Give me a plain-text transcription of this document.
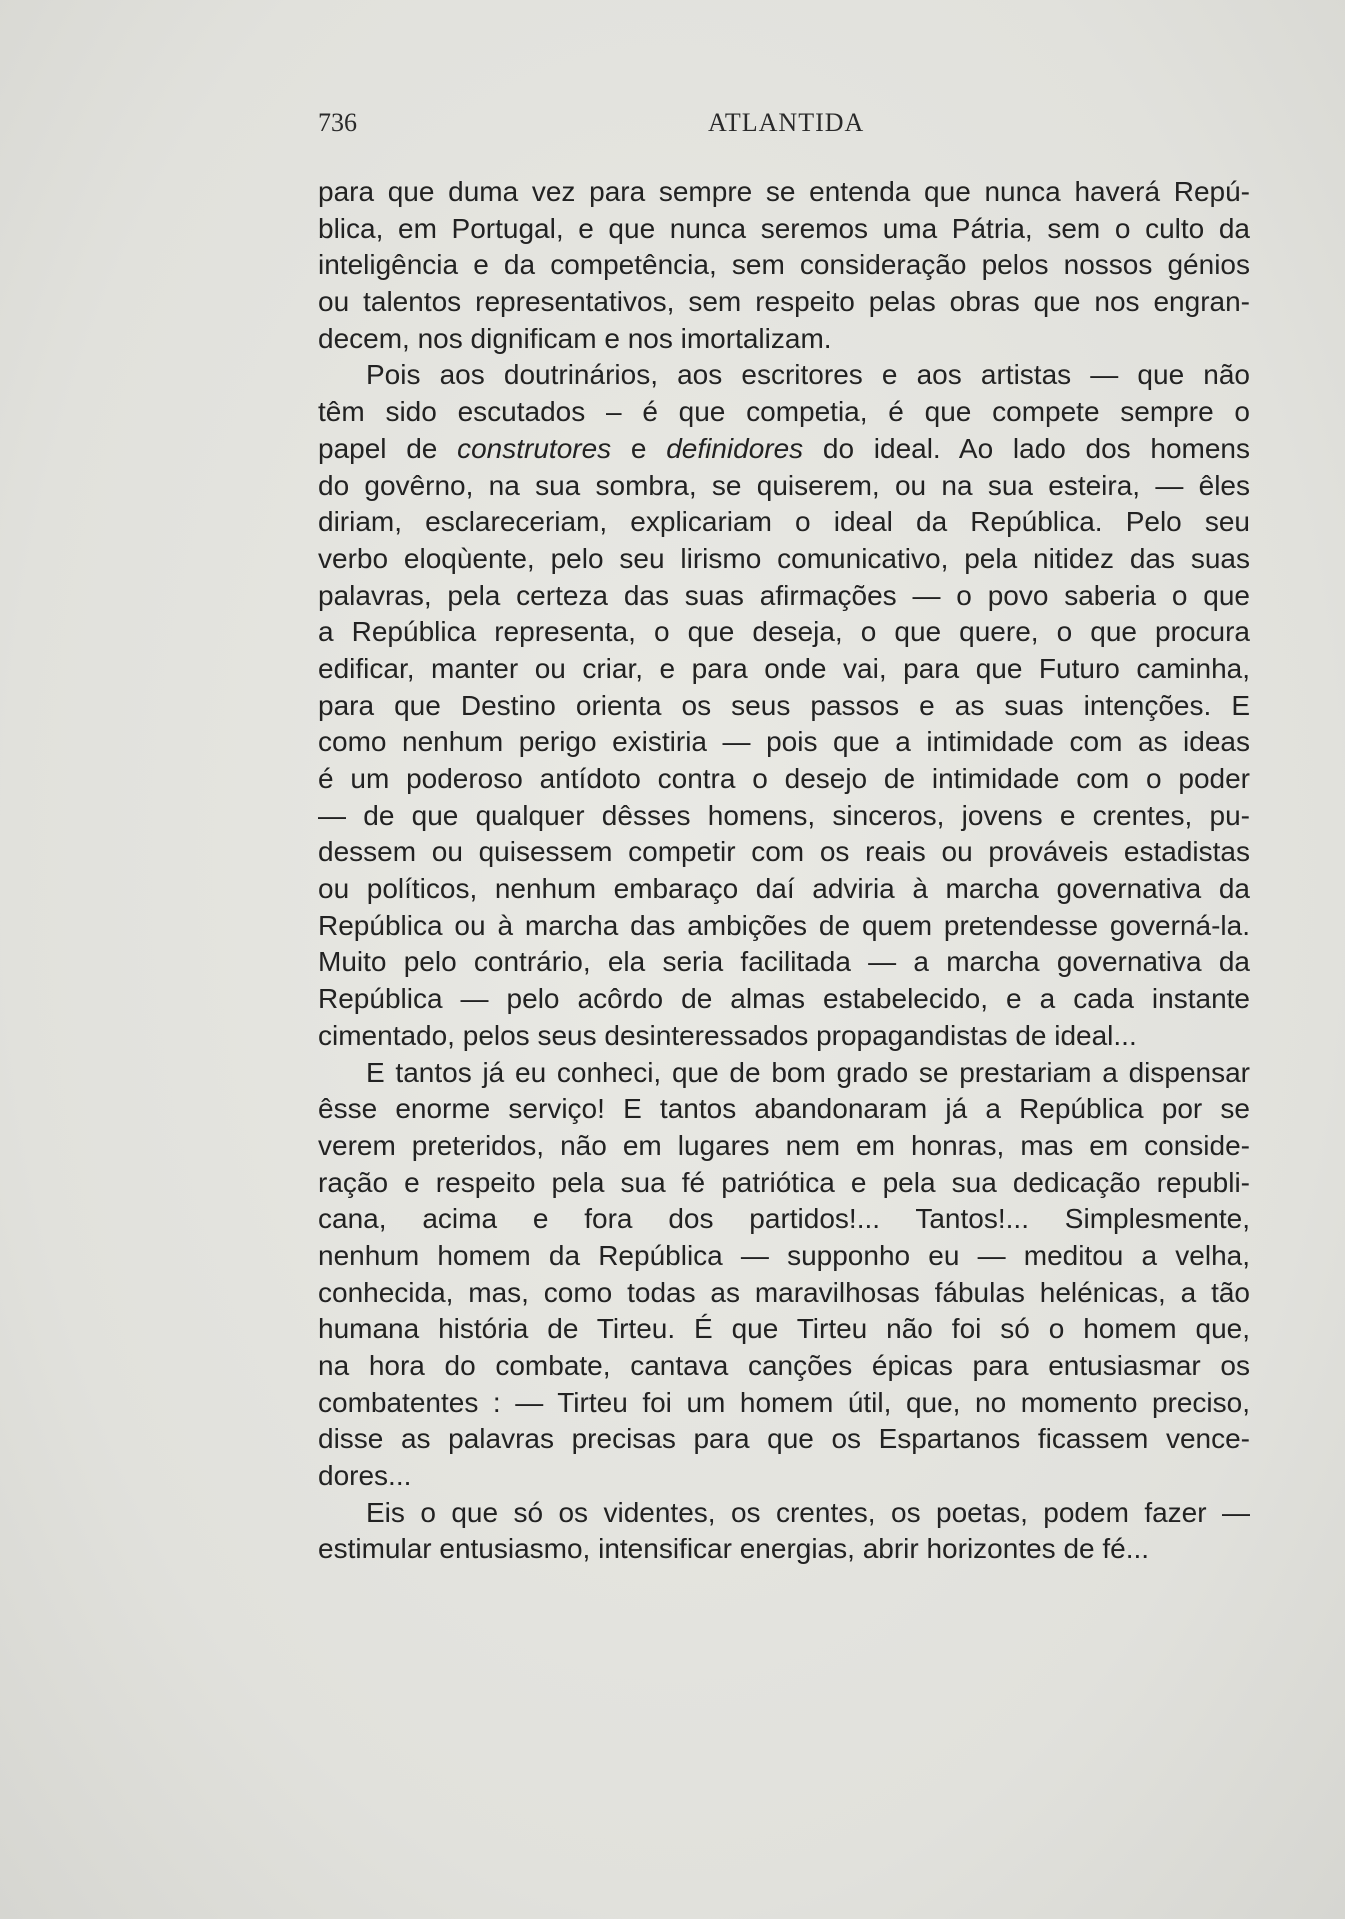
736	ATLANTIDA

para que duma vez para sempre se entenda que nunca haverá Repú-
blica, em Portugal, e que nunca seremos uma Pátria, sem o culto da
inteligência e da competência, sem consideração pelos nossos génios
ou talentos representativos, sem respeito pelas obras que nos engran-
decem, nos dignificam e nos imortalizam.

Pois aos doutrinários, aos escritores e aos artistas — que não
têm sido escutados – é que competia, é que compete sempre o
papel de construtores e definidores do ideal. Ao lado dos homens
do govêrno, na sua sombra, se quiserem, ou na sua esteira, — êles
diriam, esclareceriam, explicariam o ideal da República. Pelo seu
verbo eloqùente, pelo seu lirismo comunicativo, pela nitidez das suas
palavras, pela certeza das suas afirmações — o povo saberia o que
a República representa, o que deseja, o que quere, o que procura
edificar, manter ou criar, e para onde vai, para que Futuro caminha,
para que Destino orienta os seus passos e as suas intenções. E
como nenhum perigo existiria — pois que a intimidade com as ideas
é um poderoso antídoto contra o desejo de intimidade com o poder
— de que qualquer dêsses homens, sinceros, jovens e crentes, pu-
dessem ou quisessem competir com os reais ou prováveis estadistas
ou políticos, nenhum embaraço daí adviria à marcha governativa da
República ou à marcha das ambições de quem pretendesse governá-la.
Muito pelo contrário, ela seria facilitada — a marcha governativa da
República — pelo acôrdo de almas estabelecido, e a cada instante
cimentado, pelos seus desinteressados propagandistas de ideal...

E tantos já eu conheci, que de bom grado se prestariam a dispensar
êsse enorme serviço! E tantos abandonaram já a República por se
verem preteridos, não em lugares nem em honras, mas em conside-
ração e respeito pela sua fé patriótica e pela sua dedicação republi-
cana, acima e fora dos partidos!... Tantos!... Simplesmente,
nenhum homem da República — supponho eu — meditou a velha,
conhecida, mas, como todas as maravilhosas fábulas helénicas, a tão
humana história de Tirteu. É que Tirteu não foi só o homem que,
na hora do combate, cantava canções épicas para entusiasmar os
combatentes : — Tirteu foi um homem útil, que, no momento preciso,
disse as palavras precisas para que os Espartanos ficassem vence-
dores...

Eis o que só os videntes, os crentes, os poetas, podem fazer —
estimular entusiasmo, intensificar energias, abrir horizontes de fé...
